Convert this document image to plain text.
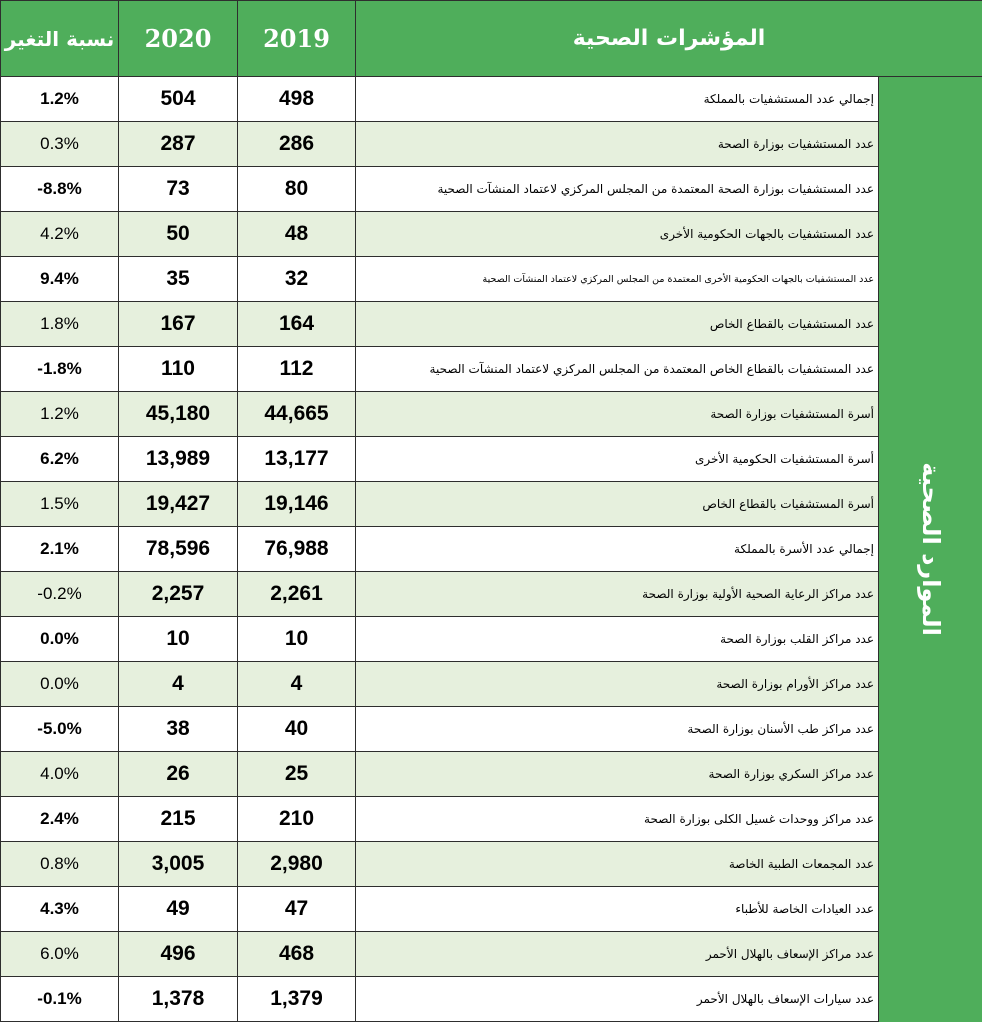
نسبة التغير	2020	2019	المؤشرات الصحية	
1.2%	504	498	إجمالي عدد المستشفيات بالمملكة	الموارد الصحية

0.3%	287	286	عدد المستشفيات بوزارة الصحة	
-8.8%	73	80	عدد المستشفيات بوزارة الصحة المعتمدة من المجلس المركزي لاعتماد المنشآت الصحية	
4.2%	50	48	عدد المستشفيات بالجهات الحكومية الأخرى	
9.4%	35	32	عدد المستشفيات بالجهات الحكومية الأخرى المعتمدة من المجلس المركزي لاعتماد المنشآت الصحية	
1.8%	167	164	عدد المستشفيات بالقطاع الخاص	
-1.8%	110	112	عدد المستشفيات بالقطاع الخاص المعتمدة من المجلس المركزي لاعتماد المنشآت الصحية	
1.2%	45,180	44,665	أسرة المستشفيات بوزارة الصحة	
6.2%	13,989	13,177	أسرة المستشفيات الحكومية الأخرى	
1.5%	19,427	19,146	أسرة المستشفيات بالقطاع الخاص	
2.1%	78,596	76,988	إجمالي عدد الأسرة بالمملكة	
-0.2%	2,257	2,261	عدد مراكز الرعاية الصحية الأولية بوزارة الصحة	
0.0%	10	10	عدد مراكز القلب بوزارة الصحة	
0.0%	4	4	عدد مراكز الأورام بوزارة الصحة	
-5.0%	38	40	عدد مراكز طب الأسنان بوزارة الصحة	
4.0%	26	25	عدد مراكز السكري بوزارة الصحة	
2.4%	215	210	عدد مراكز ووحدات غسيل الكلى بوزارة الصحة	
0.8%	3,005	2,980	عدد المجمعات الطبية الخاصة	
4.3%	49	47	عدد العيادات الخاصة للأطباء	
6.0%	496	468	عدد مراكز الإسعاف بالهلال الأحمر	
-0.1%	1,378	1,379	عدد سيارات الإسعاف بالهلال الأحمر	
